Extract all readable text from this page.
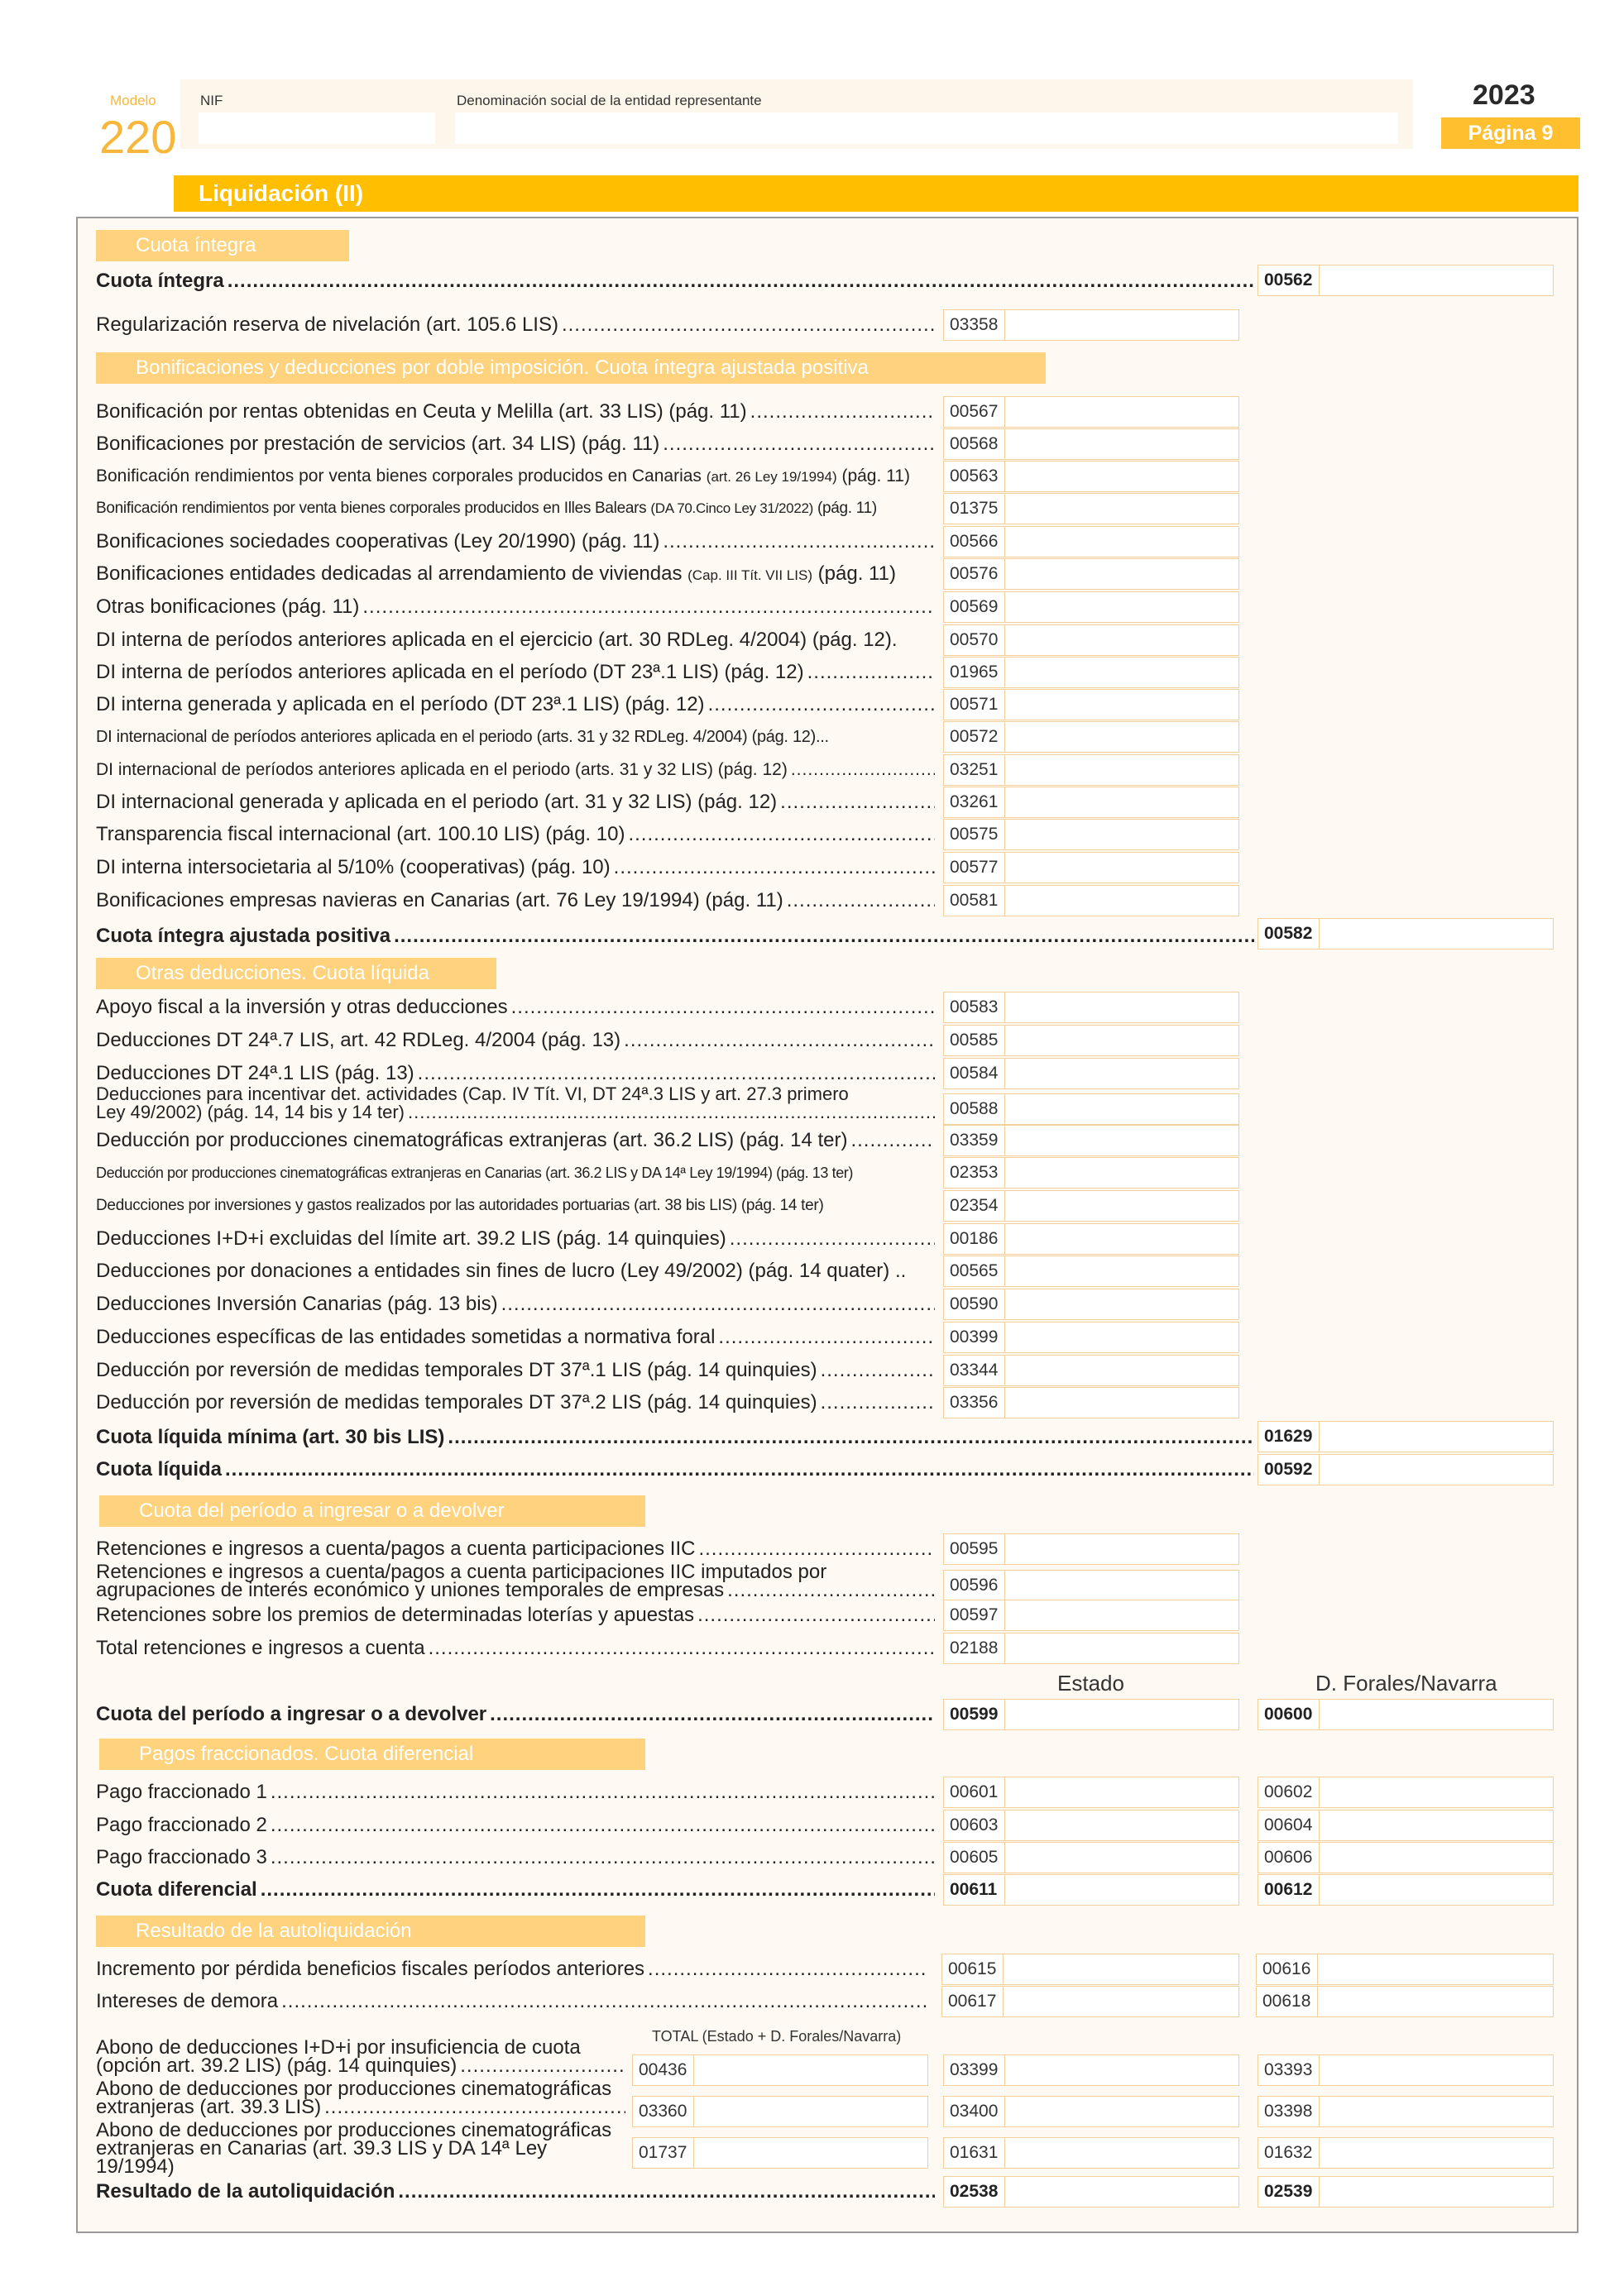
Modelo
220
NIF	Denominación social de la entidad representante	2023
Página 9
Liquidación (II)
Cuota íntegra
Bonificaciones y deducciones por doble imposición. Cuota íntegra ajustada positiva
Otras deducciones. Cuota líquida
Cuota del período a ingresar o a devolver
Pagos fraccionados. Cuota diferencial
Resultado de la autoliquidación
Cuota íntegra .....	00562
Cuota íntegra ajustada positiva .....	00582
Cuota líquida mínima (art. 30 bis LIS) .....	01629
Cuota líquida .....	00592
Regularización reserva de nivelación (art. 105.6 LIS) .....	03358
Bonificación por rentas obtenidas en Ceuta y Melilla (art. 33 LIS) (pág. 11) .....	00567
Bonificaciones por prestación de servicios (art. 34 LIS) (pág. 11) .....	00568
Bonificación rendimientos por venta bienes corporales producidos en Canarias (art. 26 Ley 19/1994) (pág. 11)	00563
Bonificación rendimientos por venta bienes corporales producidos en Illes Balears (DA 70.Cinco Ley 31/2022) (pág. 11)	01375
Bonificaciones sociedades cooperativas (Ley 20/1990) (pág. 11) .....	00566
Bonificaciones entidades dedicadas al arrendamiento de viviendas (Cap. III Tít. VII LIS) (pág. 11)	00576
Otras bonificaciones (pág. 11) .....	00569
DI interna de períodos anteriores aplicada en el ejercicio (art. 30 RDLeg. 4/2004) (pág. 12).	00570
DI interna de períodos anteriores aplicada en el período (DT 23ª.1 LIS) (pág. 12) .....	01965
DI interna generada y aplicada en el período (DT 23ª.1 LIS) (pág. 12) .....	00571
DI internacional de períodos anteriores aplicada en el periodo (arts. 31 y 32 RDLeg. 4/2004) (pág. 12)...	00572
DI internacional de períodos anteriores aplicada en el periodo (arts. 31 y 32 LIS) (pág. 12) .....	03251
DI internacional generada y aplicada en el periodo (art. 31 y 32 LIS) (pág. 12) .....	03261
Transparencia fiscal internacional (art. 100.10 LIS) (pág. 10) .....	00575
DI interna intersocietaria al 5/10% (cooperativas) (pág. 10) .....	00577
Bonificaciones empresas navieras en Canarias (art. 76 Ley 19/1994) (pág. 11) .....	00581
Apoyo fiscal a la inversión y otras deducciones .....	00583
Deducciones DT 24ª.7 LIS, art. 42 RDLeg. 4/2004 (pág. 13) .....	00585
Deducciones DT 24ª.1 LIS (pág. 13) .....	00584
Deducciones para incentivar det. actividades (Cap. IV Tít. VI, DT 24ª.3 LIS y art. 27.3 primero
Ley 49/2002) (pág. 14, 14 bis y 14 ter) .....	00588
Deducción por producciones cinematográficas extranjeras (art. 36.2 LIS) (pág. 14 ter) .....	03359
Deducción por producciones cinematográficas extranjeras en Canarias (art. 36.2 LIS y DA 14ª Ley 19/1994) (pág. 13 ter)	02353
Deducciones por inversiones y gastos realizados por las autoridades portuarias (art. 38 bis LIS) (pág. 14 ter)	02354
Deducciones I+D+i excluidas del límite art. 39.2 LIS (pág. 14 quinquies) .....	00186
Deducciones por donaciones a entidades sin fines de lucro (Ley 49/2002) (pág. 14 quater) ..	00565
Deducciones Inversión Canarias (pág. 13 bis) .....	00590
Deducciones específicas de las entidades sometidas a normativa foral .....	00399
Deducción por reversión de medidas temporales DT 37ª.1 LIS (pág. 14 quinquies) .....	03344
Deducción por reversión de medidas temporales DT 37ª.2 LIS (pág. 14 quinquies) .....	03356
Retenciones e ingresos a cuenta/pagos a cuenta participaciones IIC .....	00595
Retenciones e ingresos a cuenta/pagos a cuenta participaciones IIC imputados por
agrupaciones de interés económico y uniones temporales de empresas .....	00596
Retenciones sobre los premios de determinadas loterías y apuestas .....	00597
Total retenciones e ingresos a cuenta .....	02188
Estado	D. Forales/Navarra
Cuota del período a ingresar o a devolver .....	00599	00600
Pago fraccionado 1 .....	00601	00602
Pago fraccionado 2 .....	00603	00604
Pago fraccionado 3 .....	00605	00606
Cuota diferencial .....	00611	00612
Incremento por pérdida beneficios fiscales períodos anteriores .....	00615	00616
Intereses de demora .....	00617	00618
TOTAL (Estado + D. Forales/Navarra)
Abono de deducciones I+D+i por insuficiencia de cuota
(opción art. 39.2 LIS) (pág. 14 quinquies) .....	00436	03399	03393
Abono de deducciones por producciones cinematográficas
extranjeras (art. 39.3 LIS) .....	03360	03400	03398
Abono de deducciones por producciones cinematográficas
extranjeras en Canarias (art. 39.3 LIS y DA 14ª Ley 19/1994)
01737	01631	01632
Resultado de la autoliquidación .....	02538	02539
